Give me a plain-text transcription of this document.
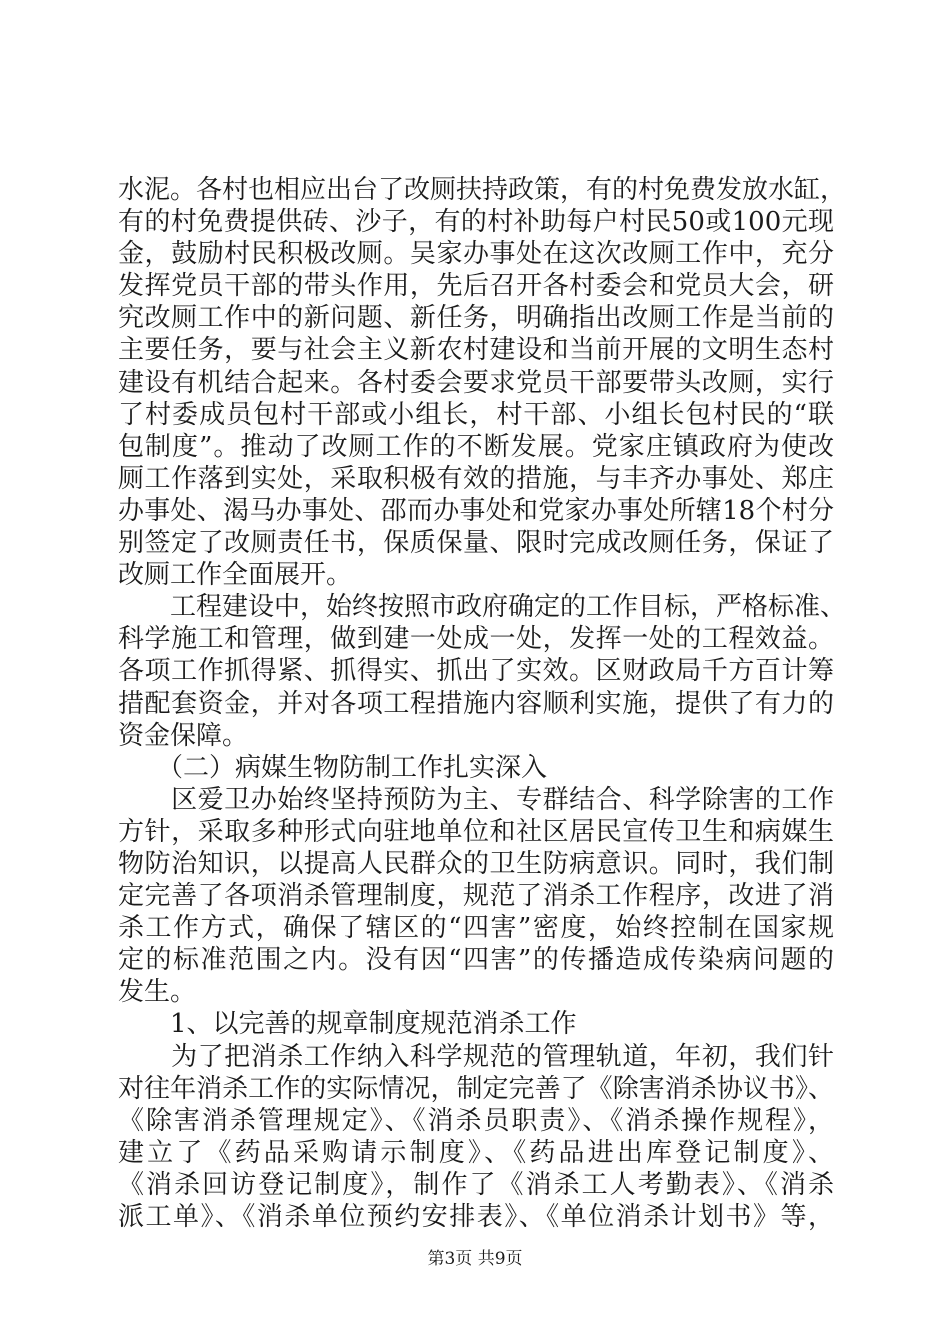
水泥。各村也相应出台了改厕扶持政策，有的村免费发放水缸，
有的村免费提供砖、沙子，有的村补助每户村民50或100元现
金，鼓励村民积极改厕。吴家办事处在这次改厕工作中，充分
发挥党员干部的带头作用，先后召开各村委会和党员大会，研
究改厕工作中的新问题、新任务，明确指出改厕工作是当前的
主要任务，要与社会主义新农村建设和当前开展的文明生态村
建设有机结合起来。各村委会要求党员干部要带头改厕，实行
了村委成员包村干部或小组长，村干部、小组长包村民的“联
包制度”。推动了改厕工作的不断发展。党家庄镇政府为使改
厕工作落到实处，采取积极有效的措施，与丰齐办事处、郑庄
办事处、渴马办事处、邵而办事处和党家办事处所辖18个村分
别签定了改厕责任书，保质保量、限时完成改厕任务，保证了
改厕工作全面展开。
　　工程建设中，始终按照市政府确定的工作目标，严格标准、
科学施工和管理，做到建一处成一处，发挥一处的工程效益。
各项工作抓得紧、抓得实、抓出了实效。区财政局千方百计筹
措配套资金，并对各项工程措施内容顺利实施，提供了有力的
资金保障。
　　（二）病媒生物防制工作扎实深入
　　区爱卫办始终坚持预防为主、专群结合、科学除害的工作
方针，采取多种形式向驻地单位和社区居民宣传卫生和病媒生
物防治知识，以提高人民群众的卫生防病意识。同时，我们制
定完善了各项消杀管理制度，规范了消杀工作程序，改进了消
杀工作方式，确保了辖区的“四害”密度，始终控制在国家规
定的标准范围之内。没有因“四害”的传播造成传染病问题的
发生。
　　1、以完善的规章制度规范消杀工作
　　为了把消杀工作纳入科学规范的管理轨道，年初，我们针
对往年消杀工作的实际情况，制定完善了《除害消杀协议书》、
《除害消杀管理规定》、《消杀员职责》、《消杀操作规程》，
建立了《药品采购请示制度》、《药品进出库登记制度》、
《消杀回访登记制度》，制作了《消杀工人考勤表》、《消杀
派工单》、《消杀单位预约安排表》、《单位消杀计划书》等，
第3页 共9页
